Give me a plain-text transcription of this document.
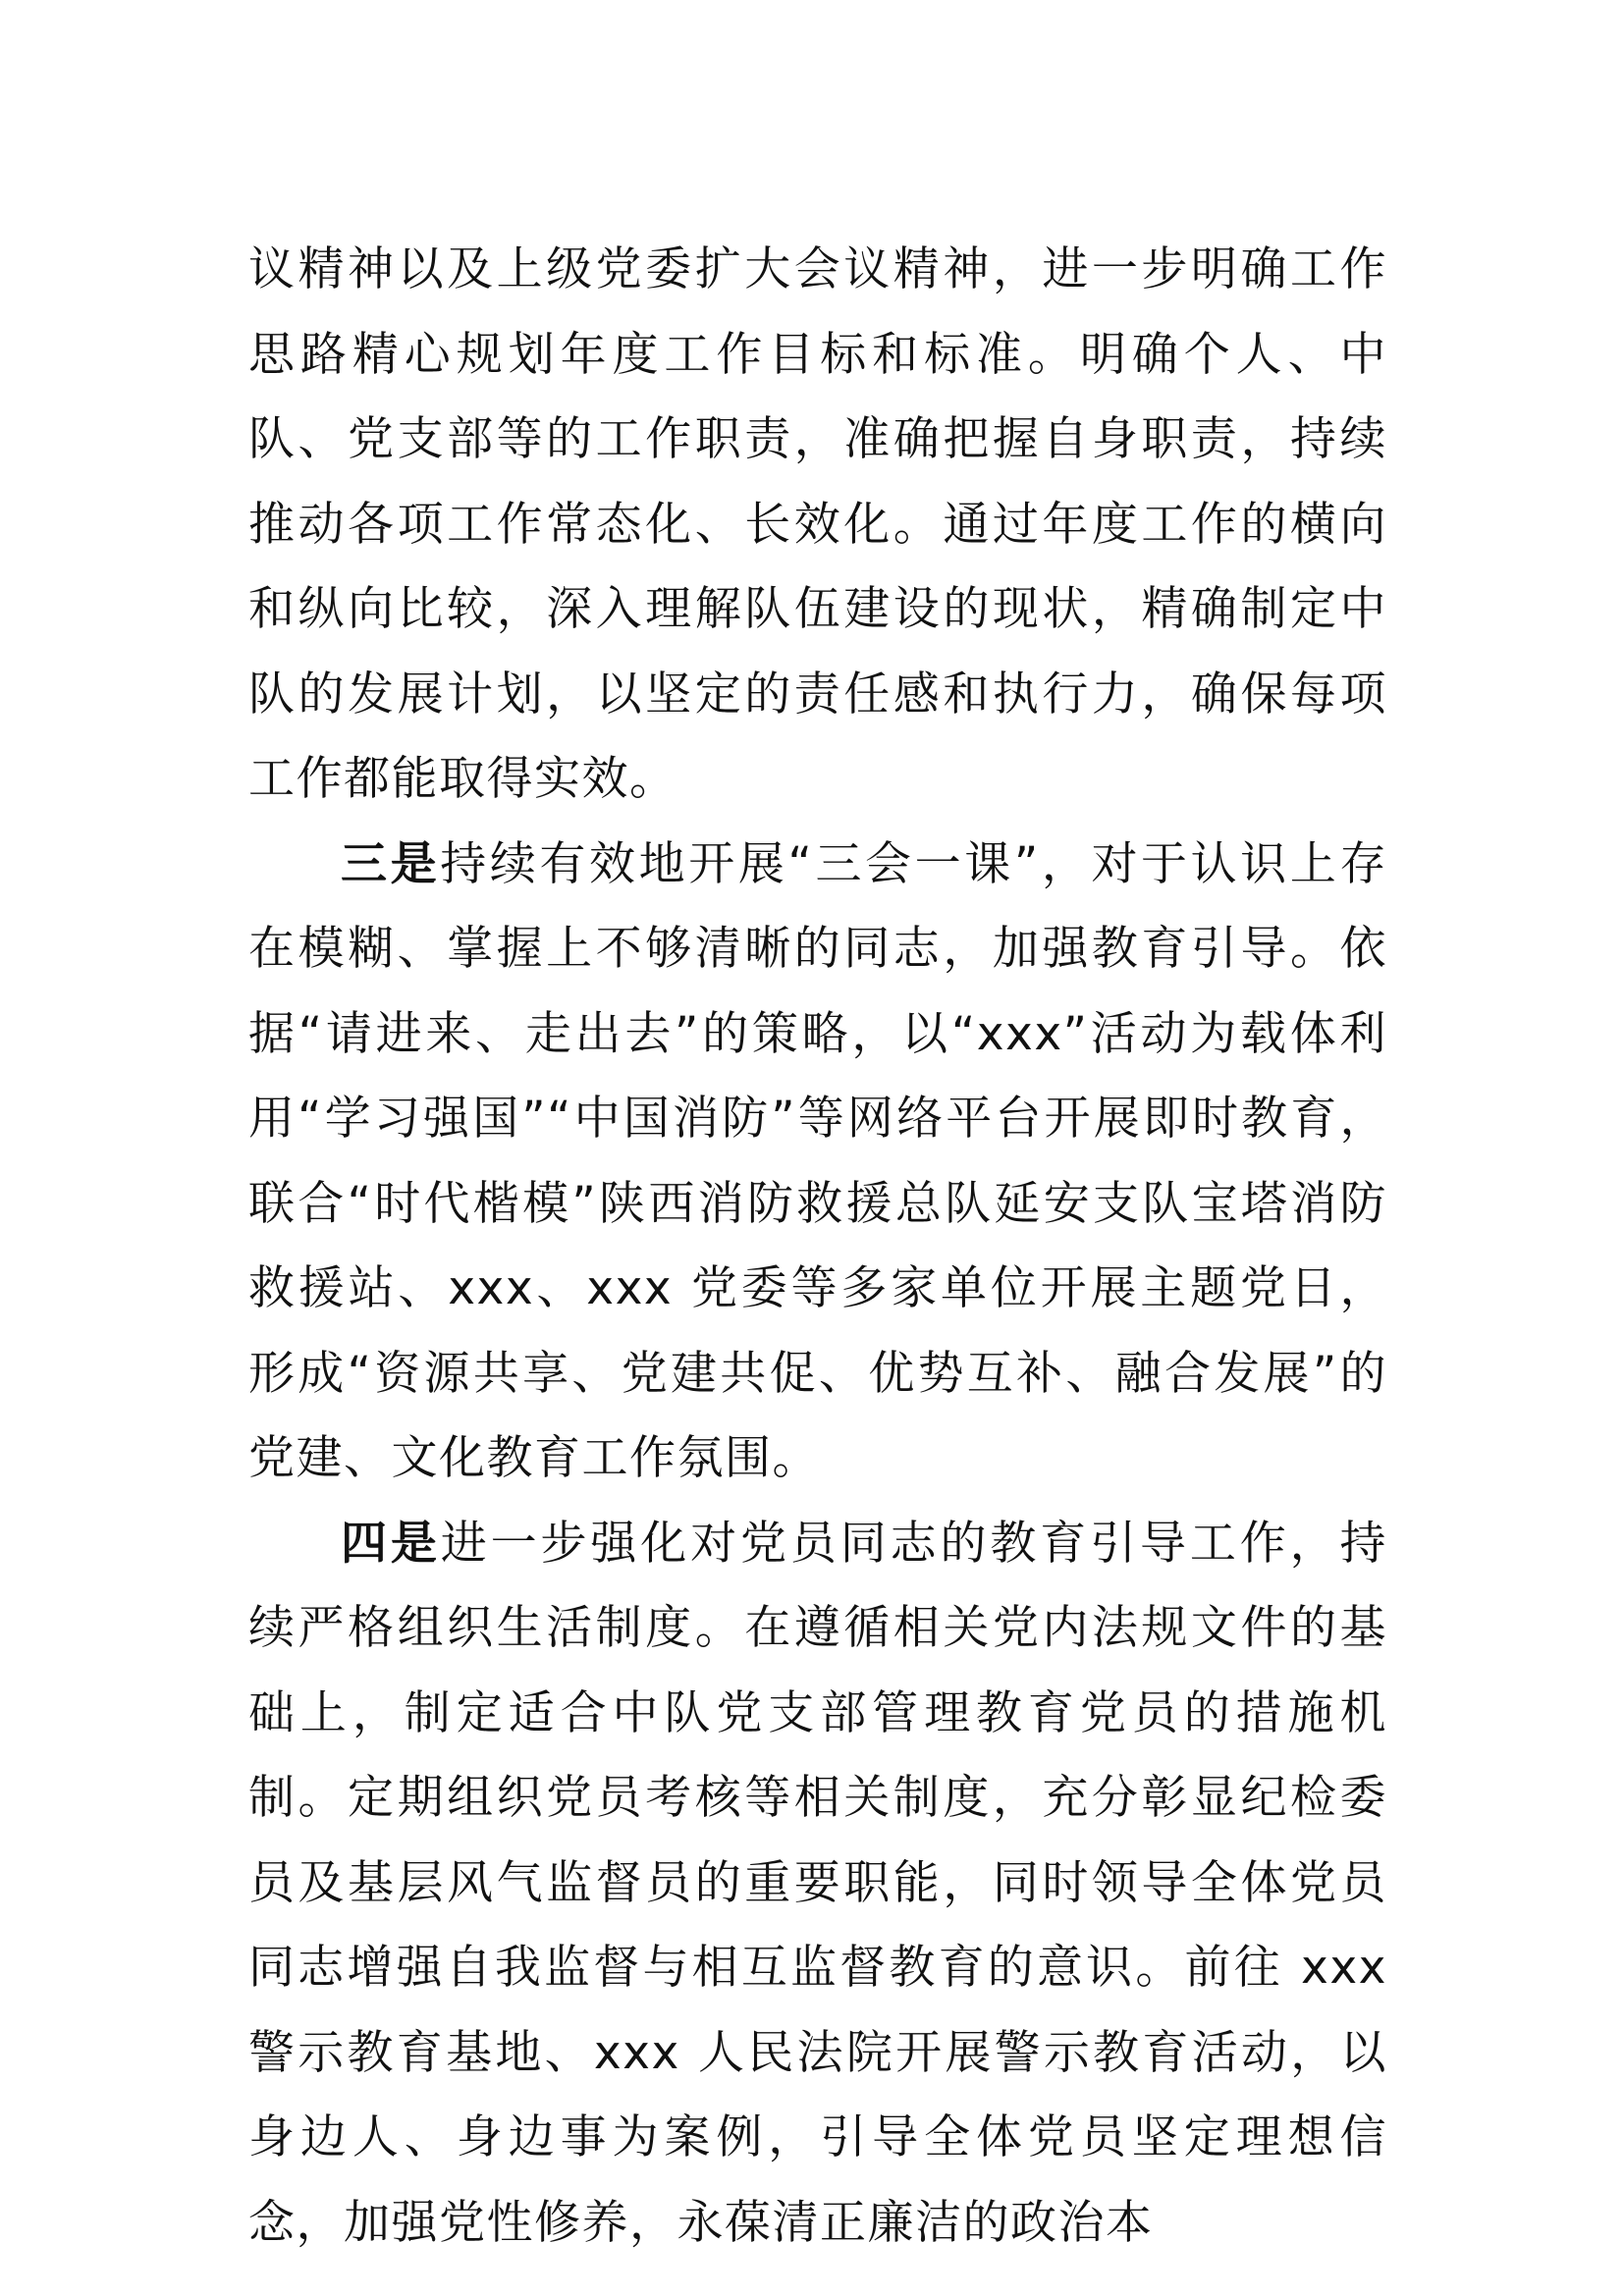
议精神以及上级党委扩大会议精神，进一步明确工作思路精心规划年度工作目标和标准。明确个人、中队、党支部等的工作职责，准确把握自身职责，持续推动各项工作常态化、长效化。通过年度工作的横向和纵向比较，深入理解队伍建设的现状，精确制定中队的发展计划，以坚定的责任感和执行力，确保每项工作都能取得实效。

三是持续有效地开展“三会一课”，对于认识上存在模糊、掌握上不够清晰的同志，加强教育引导。依据“请进来、走出去”的策略，以“xxx”活动为载体利用“学习强国”“中国消防”等网络平台开展即时教育，联合“时代楷模”陕西消防救援总队延安支队宝塔消防救援站、xxx、xxx 党委等多家单位开展主题党日，形成“资源共享、党建共促、优势互补、融合发展”的党建、文化教育工作氛围。

四是进一步强化对党员同志的教育引导工作，持续严格组织生活制度。在遵循相关党内法规文件的基础上，制定适合中队党支部管理教育党员的措施机制。定期组织党员考核等相关制度，充分彰显纪检委员及基层风气监督员的重要职能，同时领导全体党员同志增强自我监督与相互监督教育的意识。前往 xxx 警示教育基地、xxx 人民法院开展警示教育活动，以身边人、身边事为案例，引导全体党员坚定理想信念，加强党性修养，永葆清正廉洁的政治本
